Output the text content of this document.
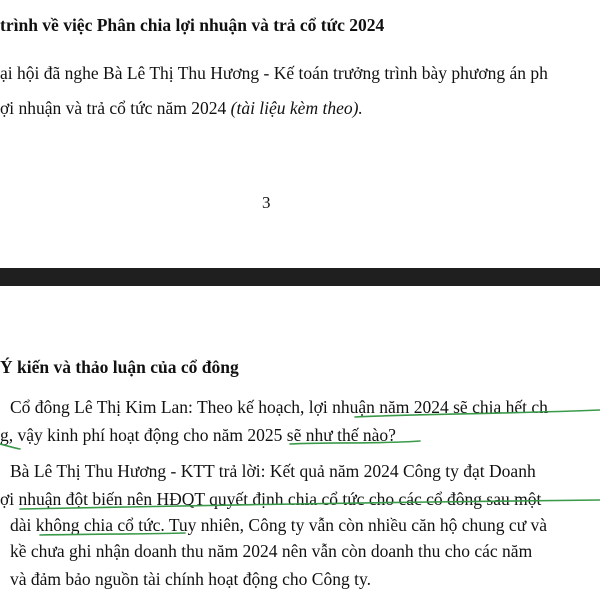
trình về việc Phân chia lợi nhuận và trả cổ tức 2024
ại hội đã nghe Bà Lê Thị Thu Hương - Kế toán trưởng trình bày phương án ph
ợi nhuận và trả cổ tức năm 2024 (tài liệu kèm theo).
3
Ý kiến và thảo luận của cổ đông
Cổ đông Lê Thị Kim Lan: Theo kế hoạch, lợi nhuận năm 2024 sẽ chia hết ch
g, vậy kinh phí hoạt động cho năm 2025 sẽ như thế nào?
Bà Lê Thị Thu Hương - KTT trả lời: Kết quả năm 2024 Công ty đạt Doanh
ợi nhuận đột biến nên HĐQT quyết định chia cổ tức cho các cổ đông sau một
dài không chia cổ tức. Tuy nhiên, Công ty vẫn còn nhiều căn hộ chung cư và
kề chưa ghi nhận doanh thu năm 2024 nên vẫn còn doanh thu cho các năm
và đảm bảo nguồn tài chính hoạt động cho Công ty.
